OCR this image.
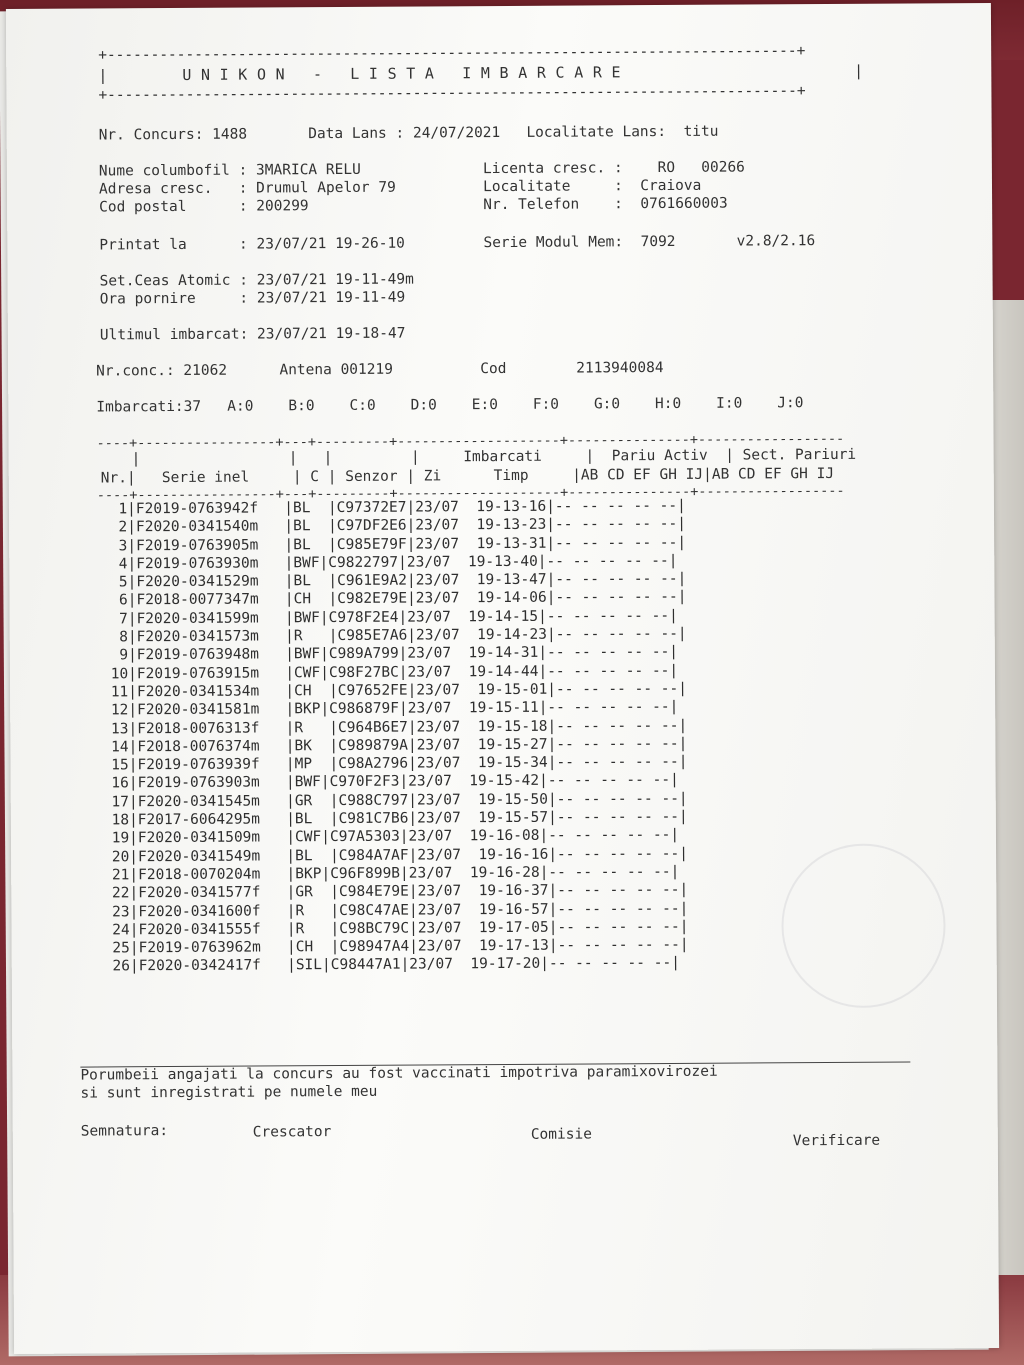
+-------------------------------------------------------------------------------+
|        U N I K O N   -   L I S T A   I M B A R C A R E                         |
+-------------------------------------------------------------------------------+
Nr. Concurs: 1488       Data Lans : 24/07/2021   Localitate Lans:  titu
Nume columbofil : 3MARICA RELU              Licenta cresc. :    RO   00266
Adresa cresc.   : Drumul Apelor 79          Localitate     :  Craiova
Cod postal      : 200299                    Nr. Telefon    :  0761660003
Printat la      : 23/07/21 19-26-10         Serie Modul Mem:  7092       v2.8/2.16
Set.Ceas Atomic : 23/07/21 19-11-49m
Ora pornire     : 23/07/21 19-11-49
Ultimul imbarcat: 23/07/21 19-18-47
Nr.conc.: 21062      Antena 001219          Cod        2113940084
Imbarcati:37   A:0    B:0    C:0    D:0    E:0    F:0    G:0    H:0    I:0    J:0
----+-----------------+---+---------+--------------------+---------------+------------------
|                 |   |         |     Imbarcati     |  Pariu Activ  | Sect. Pariuri
Nr.|   Serie inel     | C | Senzor | Zi      Timp     |AB CD EF GH IJ|AB CD EF GH IJ
----+-----------------+---+---------+--------------------+---------------+------------------
1|F2019-0763942f   |BL  |C97372E7|23/07  19-13-16|-- -- -- -- --|
2|F2020-0341540m   |BL  |C97DF2E6|23/07  19-13-23|-- -- -- -- --|
3|F2019-0763905m   |BL  |C985E79F|23/07  19-13-31|-- -- -- -- --|
4|F2019-0763930m   |BWF|C9822797|23/07  19-13-40|-- -- -- -- --|
5|F2020-0341529m   |BL  |C961E9A2|23/07  19-13-47|-- -- -- -- --|
6|F2018-0077347m   |CH  |C982E79E|23/07  19-14-06|-- -- -- -- --|
7|F2020-0341599m   |BWF|C978F2E4|23/07  19-14-15|-- -- -- -- --|
8|F2020-0341573m   |R   |C985E7A6|23/07  19-14-23|-- -- -- -- --|
9|F2019-0763948m   |BWF|C989A799|23/07  19-14-31|-- -- -- -- --|
10|F2019-0763915m   |CWF|C98F27BC|23/07  19-14-44|-- -- -- -- --|
11|F2020-0341534m   |CH  |C97652FE|23/07  19-15-01|-- -- -- -- --|
12|F2020-0341581m   |BKP|C986879F|23/07  19-15-11|-- -- -- -- --|
13|F2018-0076313f   |R   |C964B6E7|23/07  19-15-18|-- -- -- -- --|
14|F2018-0076374m   |BK  |C989879A|23/07  19-15-27|-- -- -- -- --|
15|F2019-0763939f   |MP  |C98A2796|23/07  19-15-34|-- -- -- -- --|
16|F2019-0763903m   |BWF|C970F2F3|23/07  19-15-42|-- -- -- -- --|
17|F2020-0341545m   |GR  |C988C797|23/07  19-15-50|-- -- -- -- --|
18|F2017-6064295m   |BL  |C981C7B6|23/07  19-15-57|-- -- -- -- --|
19|F2020-0341509m   |CWF|C97A5303|23/07  19-16-08|-- -- -- -- --|
20|F2020-0341549m   |BL  |C984A7AF|23/07  19-16-16|-- -- -- -- --|
21|F2018-0070204m   |BKP|C96F899B|23/07  19-16-28|-- -- -- -- --|
22|F2020-0341577f   |GR  |C984E79E|23/07  19-16-37|-- -- -- -- --|
23|F2020-0341600f   |R   |C98C47AE|23/07  19-16-57|-- -- -- -- --|
24|F2020-0341555f   |R   |C98BC79C|23/07  19-17-05|-- -- -- -- --|
25|F2019-0763962m   |CH  |C98947A4|23/07  19-17-13|-- -- -- -- --|
26|F2020-0342417f   |SIL|C98447A1|23/07  19-17-20|-- -- -- -- --|
Porumbeii angajati la concurs au fost vaccinati impotriva paramixovirozei
si sunt inregistrati pe numele meu
Semnatura:	Crescator	Comisie	Verificare
